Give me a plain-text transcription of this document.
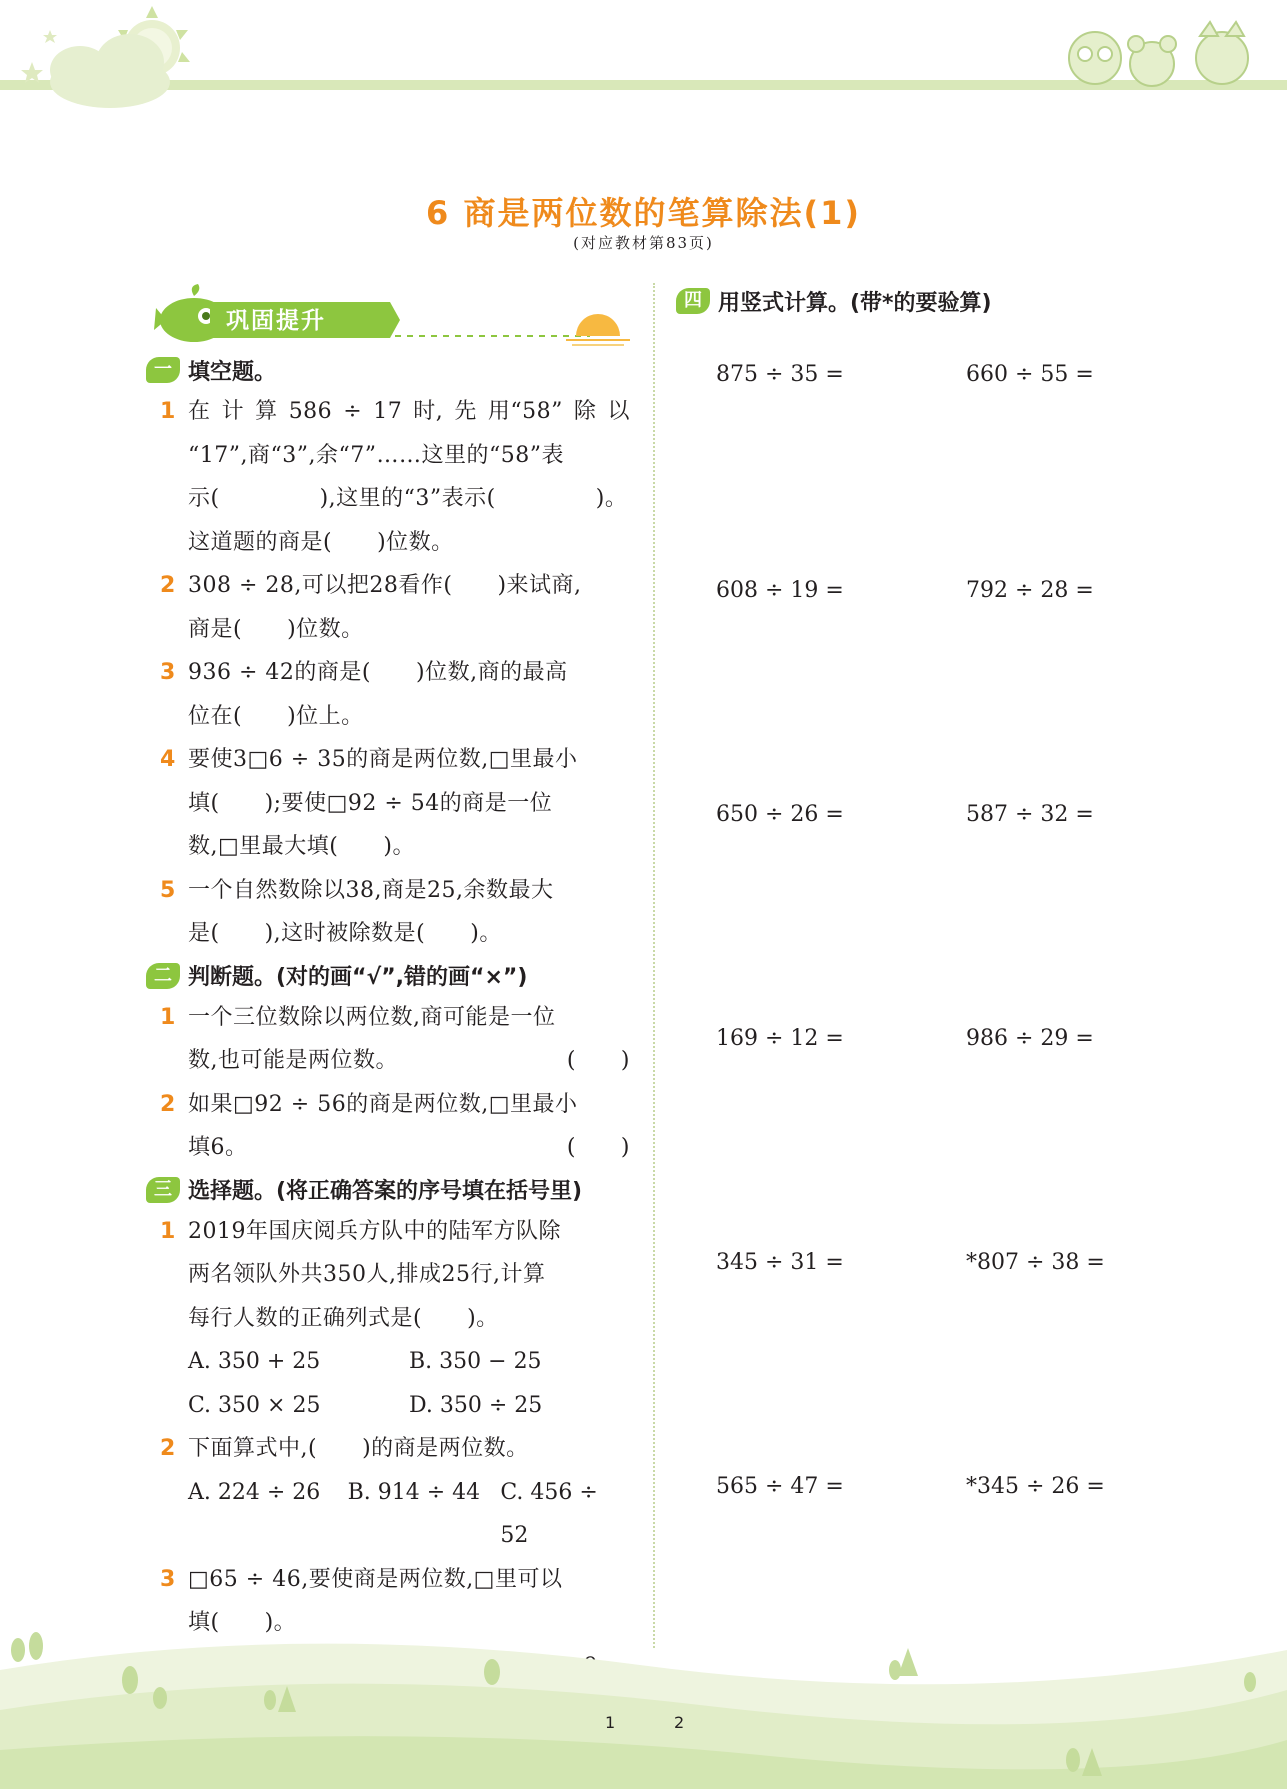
6 商是两位数的笔算除法(1)
(对应教材第83页)
巩固提升
一 填空题。
1 在 计 算 586 ÷ 17 时, 先 用“58” 除 以
“17”,商“3”,余“7”……这里的“58”表
示(	),这里的“3”表示(	)。
这道题的商是(　　)位数。
2 308 ÷ 28,可以把28看作(　　)来试商,
商是(　　)位数。
3 936 ÷ 42的商是(　　)位数,商的最高
位在(　　)位上。
4 要使3□6 ÷ 35的商是两位数,□里最小
填(　　);要使□92 ÷ 54的商是一位
数,□里最大填(　　)。
5 一个自然数除以38,商是25,余数最大
是(　　),这时被除数是(　　)。
二 判断题。(对的画“√”,错的画“×”)
1 一个三位数除以两位数,商可能是一位
数,也可能是两位数。	(　　)
2 如果□92 ÷ 56的商是两位数,□里最小
填6。	(　　)
三 选择题。(将正确答案的序号填在括号里)
1 2019年国庆阅兵方队中的陆军方队除
两名领队外共350人,排成25行,计算
每行人数的正确列式是(　　)。
A. 350 + 25	B. 350 − 25
C. 350 × 25	D. 350 ÷ 25
2 下面算式中,(　　)的商是两位数。
A. 224 ÷ 26	B. 914 ÷ 44 C. 456 ÷ 52
3 □65 ÷ 46,要使商是两位数,□里可以
填(　　)。
四 用竖式计算。(带*的要验算)
875 ÷ 35 =	660 ÷ 55 =
608 ÷ 19 =	792 ÷ 28 =
650 ÷ 26 =	587 ÷ 32 =
169 ÷ 12 =	986 ÷ 29 =
345 ÷ 31 =	*807 ÷ 38 =
565 ÷ 47 =	*345 ÷ 26 =
1	2
